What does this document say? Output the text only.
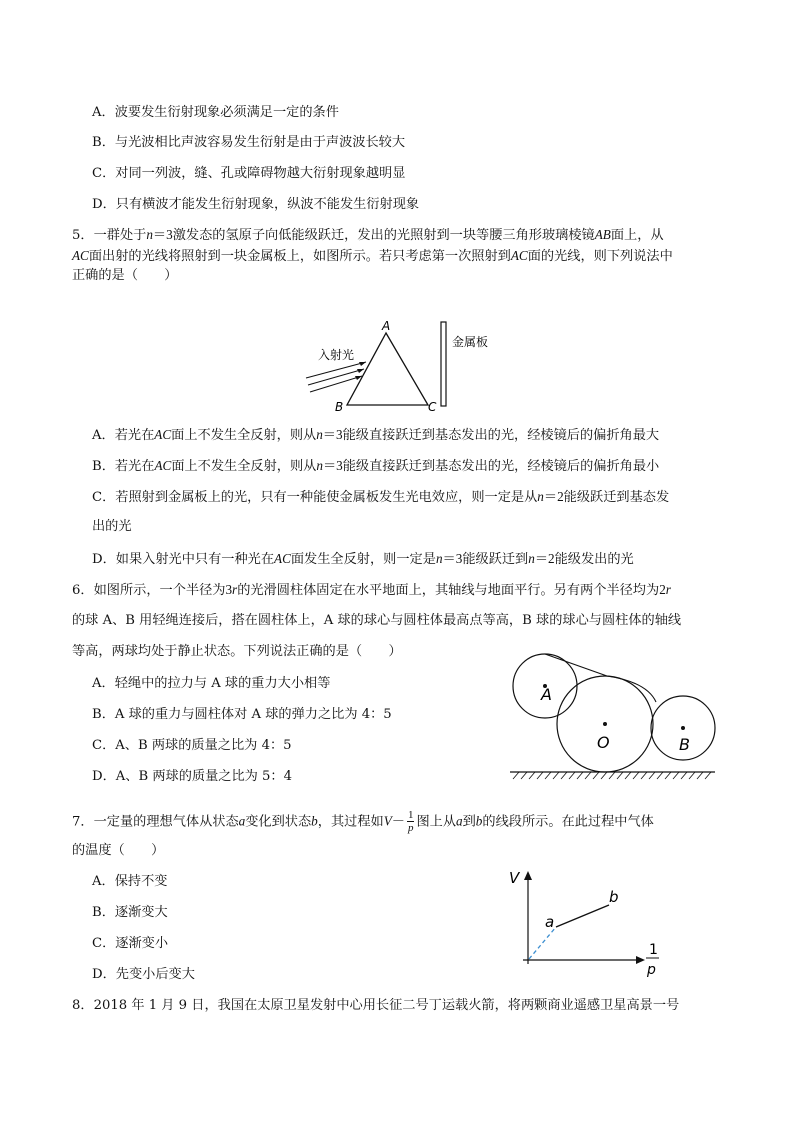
A．波要发生衍射现象必须满足一定的条件
B．与光波相比声波容易发生衍射是由于声波波长较大
C．对同一列波，缝、孔或障碍物越大衍射现象越明显
D．只有横波才能发生衍射现象，纵波不能发生衍射现象
5．一群处于n＝3激发态的氢原子向低能级跃迁，发出的光照射到一块等腰三角形玻璃棱镜AB面上，从
AC面出射的光线将照射到一块金属板上，如图所示。若只考虑第一次照射到AC面的光线，则下列说法中
正确的是（　　）
A
B	C
入射光
金属板
A．若光在AC面上不发生全反射，则从n＝3能级直接跃迁到基态发出的光，经棱镜后的偏折角最大
B．若光在AC面上不发生全反射，则从n＝3能级直接跃迁到基态发出的光，经棱镜后的偏折角最小
C．若照射到金属板上的光，只有一种能使金属板发生光电效应，则一定是从n＝2能级跃迁到基态发
出的光
D．如果入射光中只有一种光在AC面发生全反射，则一定是n＝3能级跃迁到n＝2能级发出的光
6．如图所示，一个半径为3r的光滑圆柱体固定在水平地面上，其轴线与地面平行。另有两个半径均为2r
的球 A、B 用轻绳连接后，搭在圆柱体上，A 球的球心与圆柱体最高点等高，B 球的球心与圆柱体的轴线
等高，两球均处于静止状态。下列说法正确的是（　　）
A．轻绳中的拉力与 A 球的重力大小相等
B．A 球的重力与圆柱体对 A 球的弹力之比为 4：5
C．A、B 两球的质量之比为 4：5
D．A、B 两球的质量之比为 5：4
A
O	B
7．一定量的理想气体从状态a变化到状态b，其过程如$V- \frac{1}{p}$ 图上从a到b的线段所示。在此过程中气体
的温度（　　）
A．保持不变
B．逐渐变大
C．逐渐变小
D．先变小后变大
V
1
p
a
b
8．2018 年 1 月 9 日，我国在太原卫星发射中心用长征二号丁运载火箭，将两颗商业遥感卫星高景一号
